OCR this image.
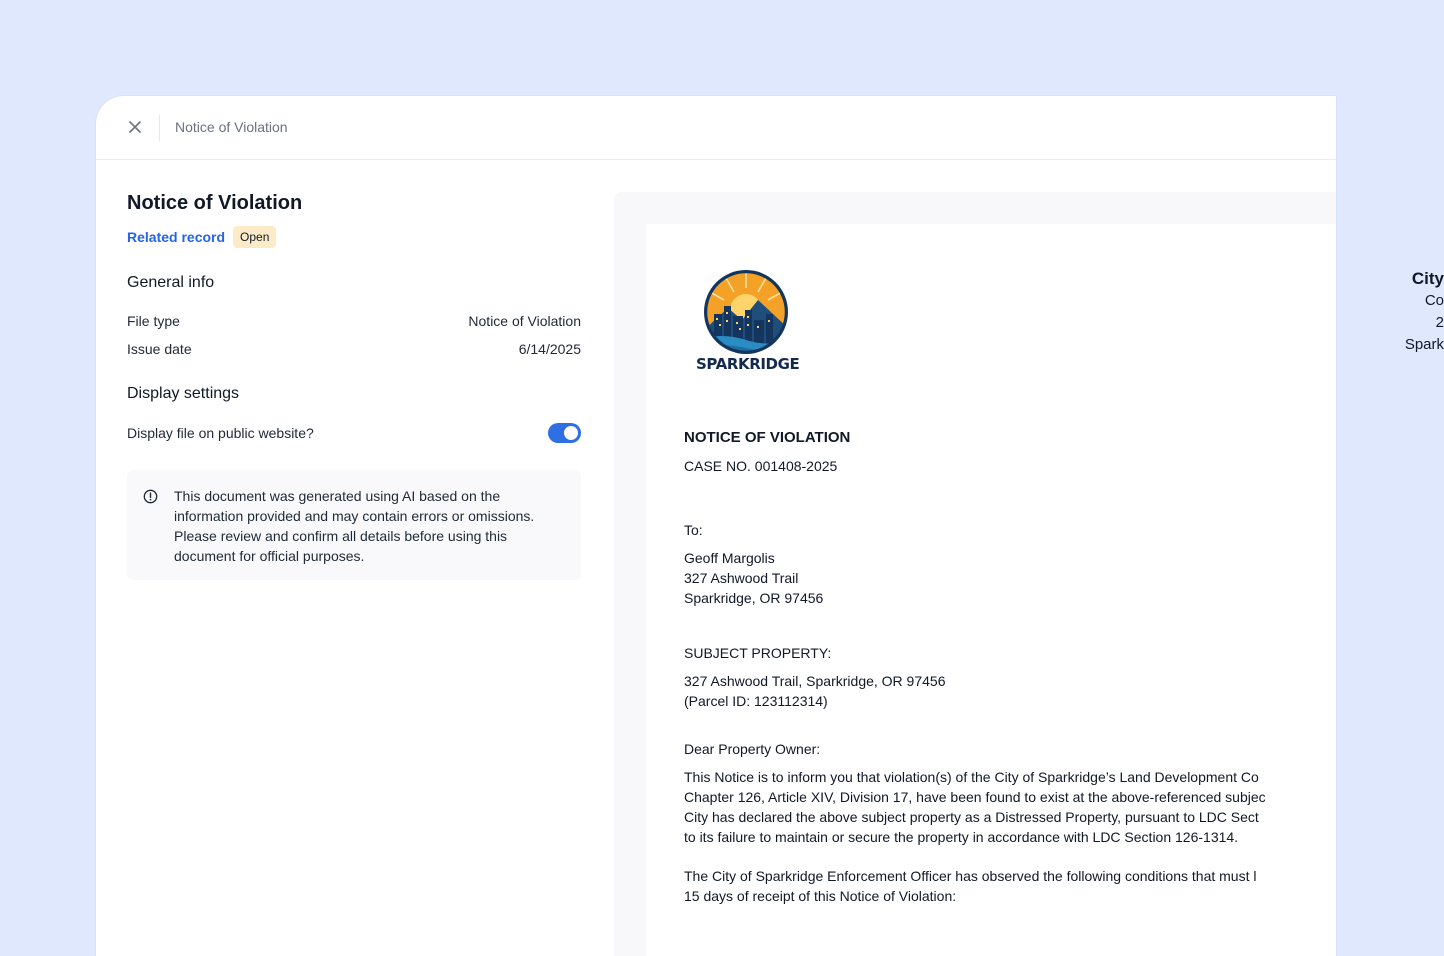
Notice of Violation
Notice of Violation
Related record	Open
General info
File type	Notice of Violation
Issue date	6/14/2025
Display settings
Display file on public website?
This document was generated using AI based on the
information provided and may contain errors or omissions.
Please review and confirm all details before using this
document for official purposes.
SPARKRIDGE
City
Co
2
Spark
NOTICE OF VIOLATION
CASE NO. 001408-2025
To:
Geoff Margolis
327 Ashwood Trail
Sparkridge, OR 97456
SUBJECT PROPERTY:
327 Ashwood Trail, Sparkridge, OR 97456
(Parcel ID: 123112314)
Dear Property Owner:
This Notice is to inform you that violation(s) of the City of Sparkridge’s Land Development Co
Chapter 126, Article XIV, Division 17, have been found to exist at the above-referenced subjec
City has declared the above subject property as a Distressed Property, pursuant to LDC Sect
to its failure to maintain or secure the property in accordance with LDC Section 126-1314.
The City of Sparkridge Enforcement Officer has observed the following conditions that must l
15 days of receipt of this Notice of Violation:
